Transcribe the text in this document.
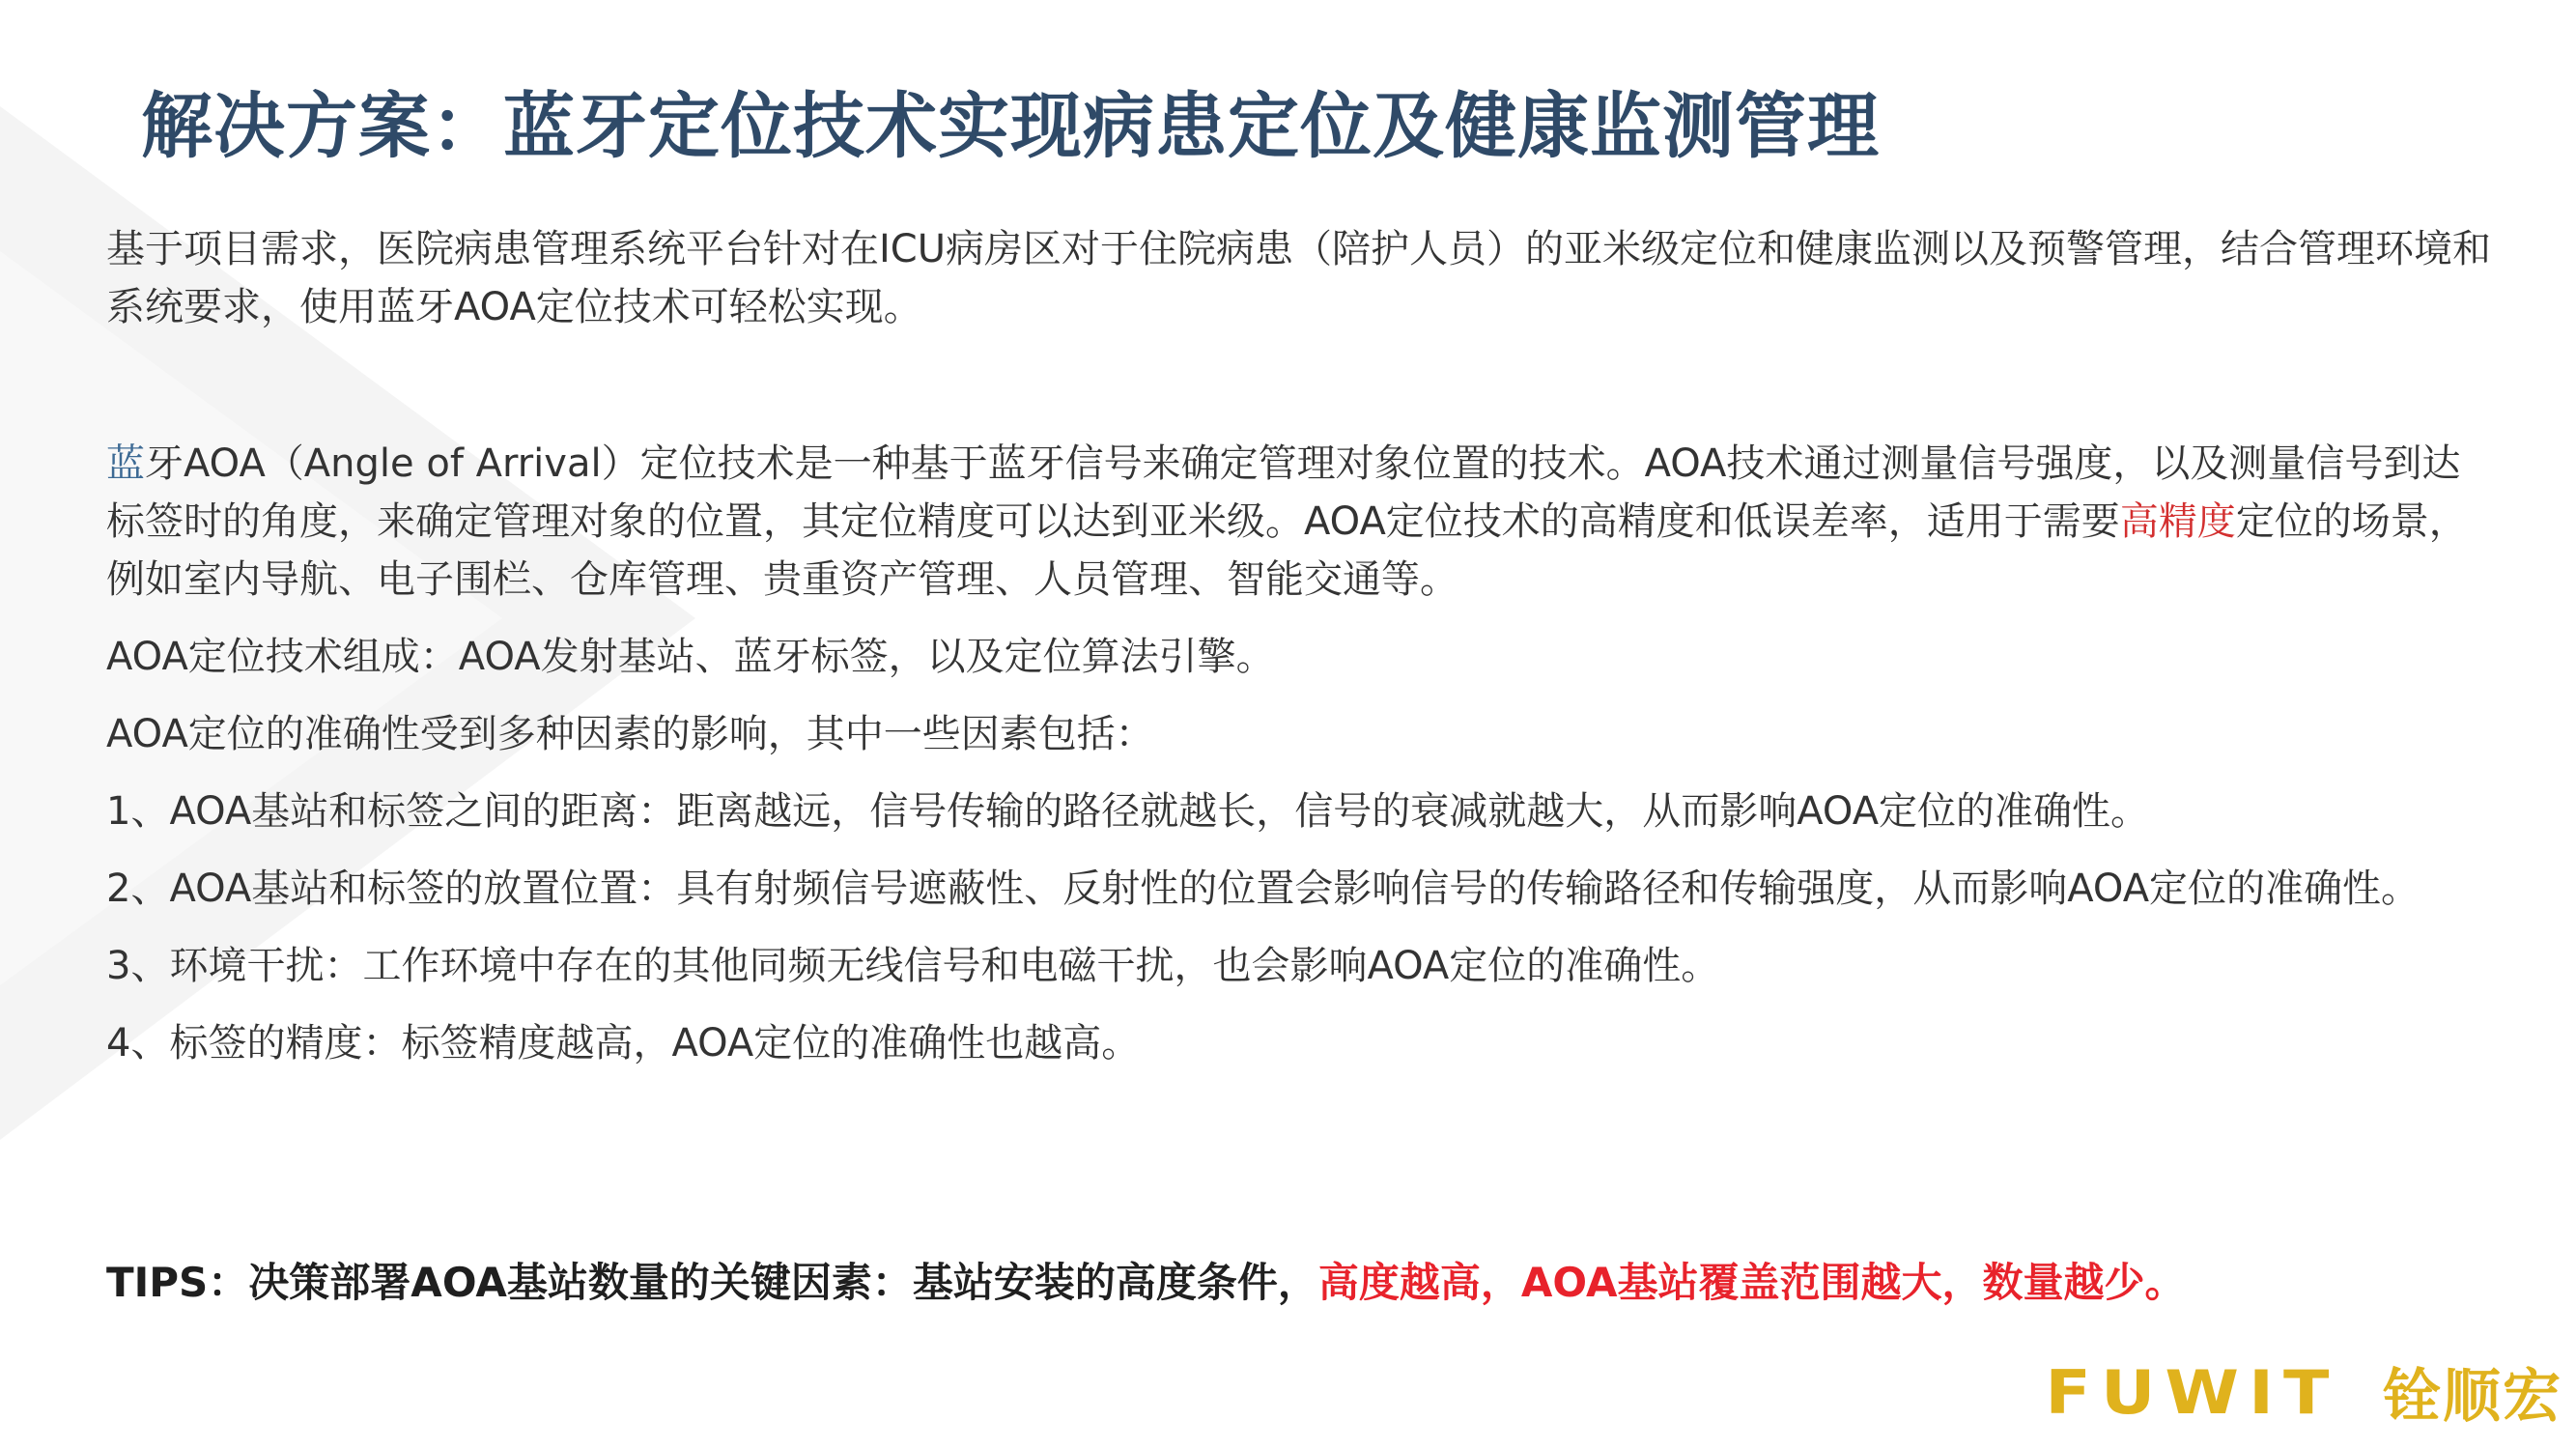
解决方案：蓝牙定位技术实现病患定位及健康监测管理

基于项目需求，医院病患管理系统平台针对在ICU病房区对于住院病患（陪护人员）的亚米级定位和健康监测以及预警管理，结合管理环境和系统要求，使用蓝牙AOA定位技术可轻松实现。

蓝牙AOA（Angle of Arrival）定位技术是一种基于蓝牙信号来确定管理对象位置的技术。AOA技术通过测量信号强度，以及测量信号到达标签时的角度，来确定管理对象的位置，其定位精度可以达到亚米级。AOA定位技术的高精度和低误差率，适用于需要高精度定位的场景，例如室内导航、电子围栏、仓库管理、贵重资产管理、人员管理、智能交通等。

AOA定位技术组成：AOA发射基站、蓝牙标签，以及定位算法引擎。

AOA定位的准确性受到多种因素的影响，其中一些因素包括：

1、 AOA基站和标签之间的距离：距离越远，信号传输的路径就越长，信号的衰减就越大，从而影响AOA定位的准确性。
2、 AOA基站和标签的放置位置：具有射频信号遮蔽性、反射性的位置会影响信号的传输路径和传输强度，从而影响AOA定位的准确性。
3、 环境干扰：工作环境中存在的其他同频无线信号和电磁干扰，也会影响AOA定位的准确性。
4、 标签的精度：标签精度越高，AOA定位的准确性也越高。

TIPS：决策部署AOA基站数量的关键因素：基站安装的高度条件，高度越高，AOA基站覆盖范围越大，数量越少。

FUWIT 铨顺宏
